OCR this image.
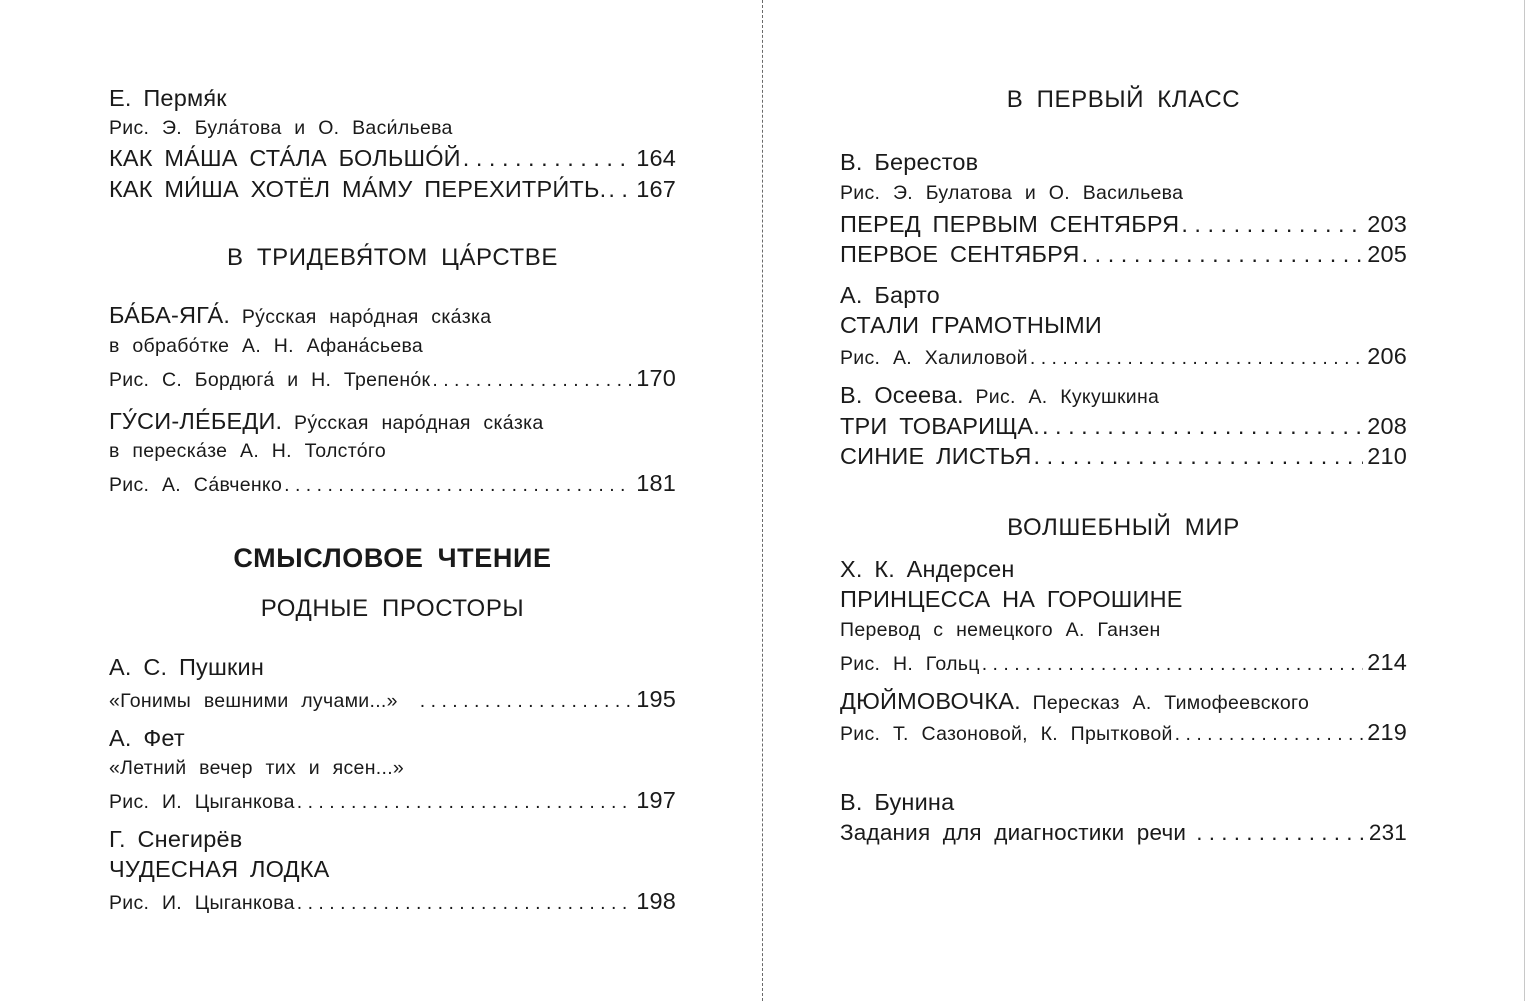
Е. Пермя́к
Рис. Э. Була́това и О. Васи́льева
КАК МА́ША СТА́ЛА БОЛЬШО́Й . . .	164
КАК МИ́ША ХОТЁЛ МА́МУ ПЕРЕХИТРИ́ТЬ. . . . 167
В ТРИДЕВЯ́ТОМ ЦА́РСТВЕ
БА́БА-ЯГА́. Ру́сская наро́дная ска́зка
в обрабо́тке А. Н. Афана́сьева
Рис. С. Бордюга́ и Н. Трепено́к . . .	170
ГУ́СИ-ЛЕ́БЕДИ. Ру́сская наро́дная ска́зка
в переска́зе А. Н. Толсто́го
Рис. А. Са́вченко . . .	181
СМЫСЛОВОЕ ЧТЕНИЕ
РОДНЫЕ ПРОСТОРЫ
А. С. Пушкин
«Гонимы вешними лучами...» . . .	195
А. Фет
«Летний вечер тих и ясен...»
Рис. И. Цыганкова . . .	197
Г. Снегирёв
ЧУДЕСНАЯ ЛОДКА
Рис. И. Цыганкова . . .	198
В ПЕРВЫЙ КЛАСС
В. Берестов
Рис. Э. Булатова и О. Васильева
ПЕРЕД ПЕРВЫМ СЕНТЯБРЯ . . .	203
ПЕРВОЕ СЕНТЯБРЯ . . .	205
А. Барто
СТАЛИ ГРАМОТНЫМИ
Рис. А. Халиловой . . .	206
В. Осеева. Рис. А. Кукушкина
ТРИ ТОВАРИЩА. . . .	208
СИНИЕ ЛИСТЬЯ . . .	210
ВОЛШЕБНЫЙ МИР
Х. К. Андерсен
ПРИНЦЕССА НА ГОРОШИНЕ
Перевод с немецкого А. Ганзен
Рис. Н. Гольц . . .	214
ДЮЙМОВОЧКА. Пересказ А. Тимофеевского
Рис. Т. Сазоновой, К. Прытковой . . .	219
В. Бунина
Задания для диагностики речи . . .	231
